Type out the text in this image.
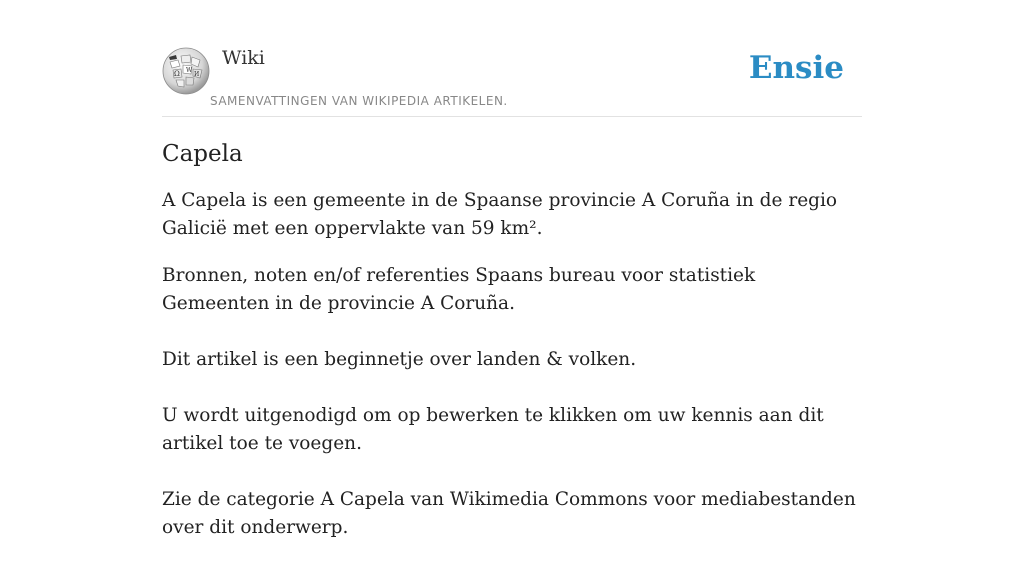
Ω W
И
Wiki
SAMENVATTINGEN VAN WIKIPEDIA ARTIKELEN.
Ensie
Capela

A Capela is een gemeente in de Spaanse provincie A Coruña in de regio Galicië met een oppervlakte van 59 km².

Bronnen, noten en/of referenties Spaans bureau voor statistiek Gemeenten in de provincie A Coruña.

Dit artikel is een beginnetje over landen & volken.

U wordt uitgenodigd om op bewerken te klikken om uw kennis aan dit artikel toe te voegen.

Zie de categorie A Capela van Wikimedia Commons voor mediabestanden over dit onderwerp.
